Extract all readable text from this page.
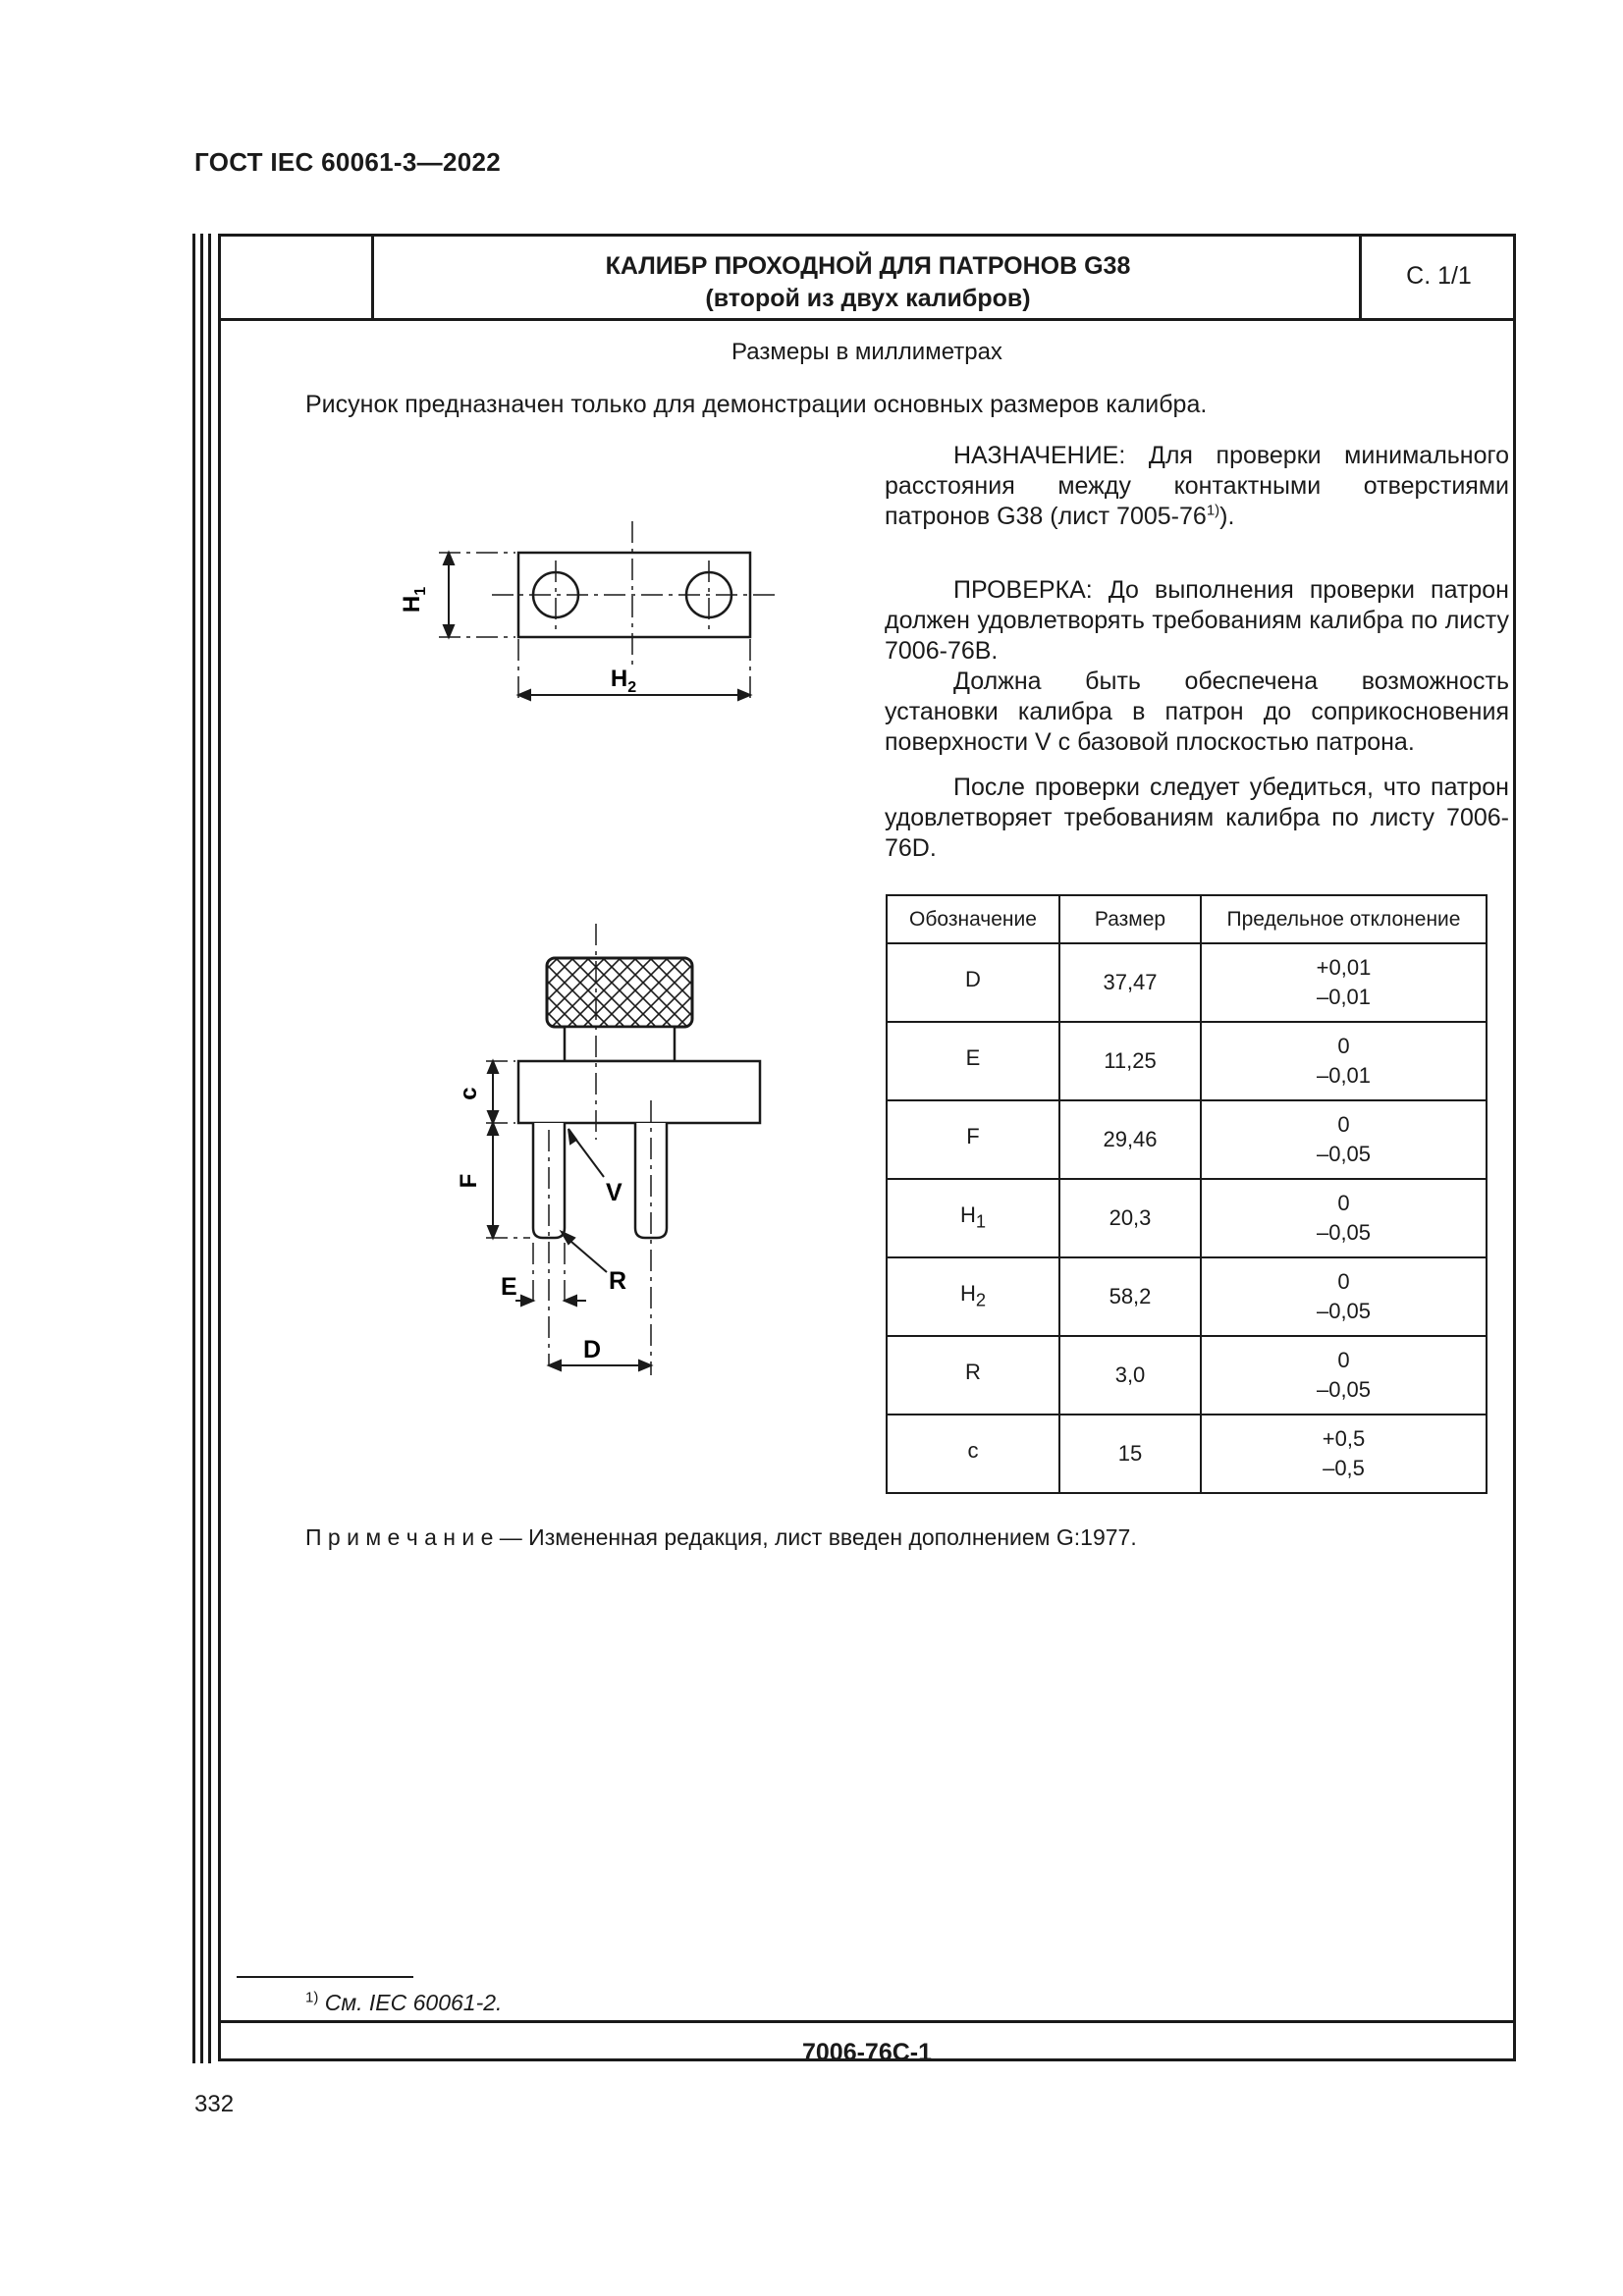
ГОСТ IEC 60061-3—2022
КАЛИБР ПРОХОДНОЙ ДЛЯ ПАТРОНОВ G38
(второй из двух калибров)
С. 1/1
Размеры в миллиметрах
Рисунок предназначен только для демонстрации основных размеров калибра.
НАЗНАЧЕНИЕ: Для проверки минимального расстояния между контактными отверстиями патронов G38 (лист 7005-76$^{1)}$).
ПРОВЕРКА: До выполнения проверки патрон должен удовлетворять требованиям калибра по листу 7006-76B.
Должна быть обеспечена возможность установки калибра в патрон до соприкосновения поверхности V с базовой плоскостью патрона.
После проверки следует убедиться, что патрон удовлетворяет требованиям калибра по листу 7006-76D.
$H_1$
$H_2$
c
F	V
R
E
D
Обозначение	Размер	Предельное отклонение
D	37,47	+0,01
–0,01
E	11,25	0
–0,01
F	29,46	0
–0,05
$H_1$	20,3	0
–0,05
$H_2$	58,2	0
–0,05
R	3,0	0
–0,05
c	15	+0,5
–0,5
П р и м е ч а н и е — Измененная редакция, лист введен дополнением G:1977.
$^{1)}$ См. IEC 60061-2.
7006-76C-1
332
